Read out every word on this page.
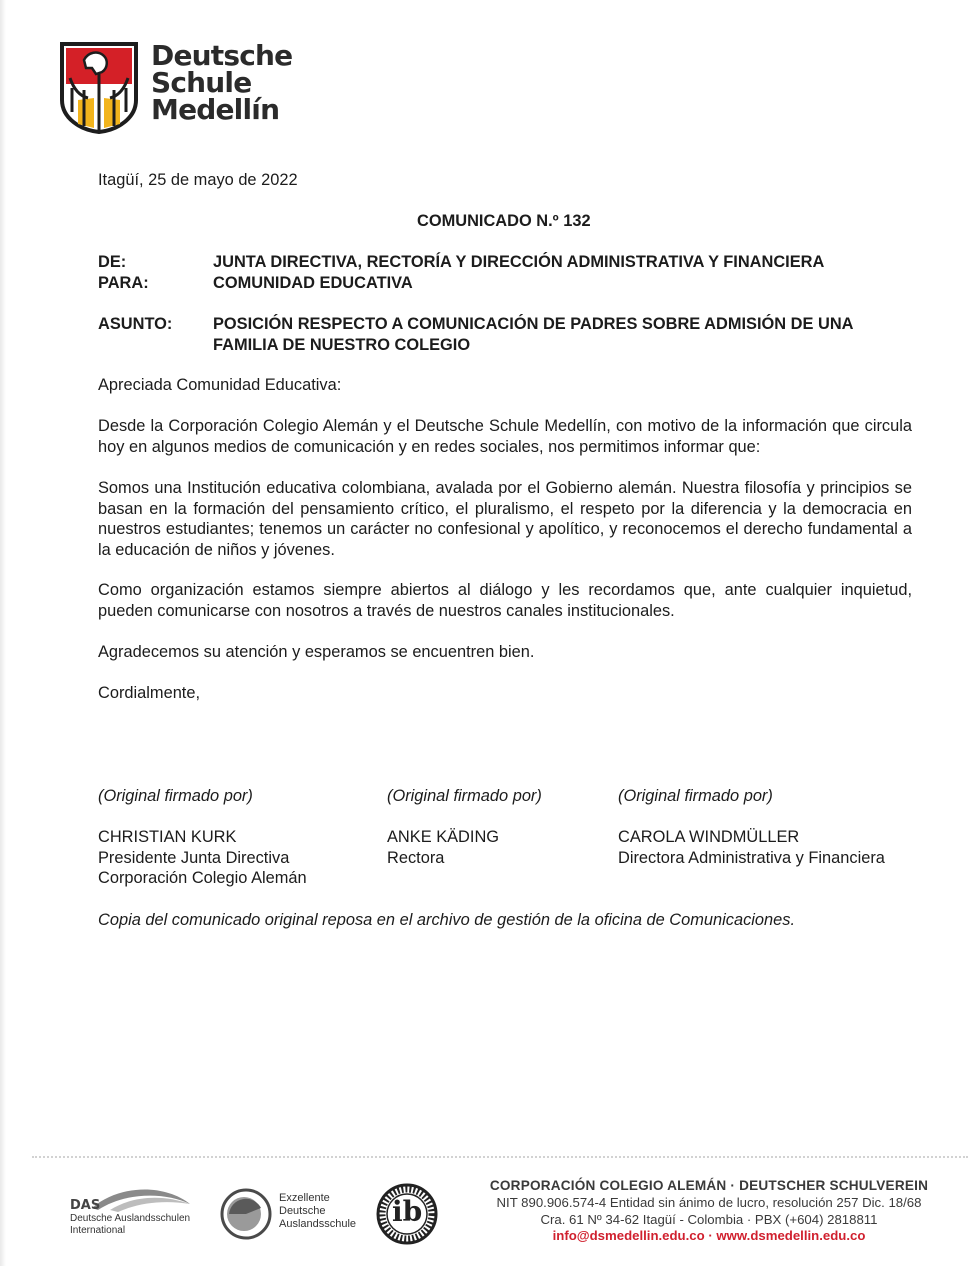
Deutsche
Schule
Medellín
Itagüí, 25 de mayo de 2022
COMUNICADO N.º 132
DE:	JUNTA DIRECTIVA, RECTORÍA Y DIRECCIÓN ADMINISTRATIVA Y FINANCIERA
PARA:	COMUNIDAD EDUCATIVA
ASUNTO: POSICIÓN RESPECTO A COMUNICACIÓN DE PADRES SOBRE ADMISIÓN DE UNA FAMILIA DE NUESTRO COLEGIO
Apreciada Comunidad Educativa:
Desde la Corporación Colegio Alemán y el Deutsche Schule Medellín, con motivo de la información que circula hoy en algunos medios de comunicación y en redes sociales, nos permitimos informar que:
Somos una Institución educativa colombiana, avalada por el Gobierno alemán. Nuestra filosofía y principios se basan en la formación del pensamiento crítico, el pluralismo, el respeto por la diferencia y la democracia en nuestros estudiantes; tenemos un carácter no confesional y apolítico, y reconocemos el derecho fundamental a la educación de niños y jóvenes.
Como organización estamos siempre abiertos al diálogo y les recordamos que, ante cualquier inquietud, pueden comunicarse con nosotros a través de nuestros canales institucionales.
Agradecemos su atención y esperamos se encuentren bien.
Cordialmente,
(Original firmado por)
CHRISTIAN KURK
Presidente Junta Directiva
Corporación Colegio Alemán
(Original firmado por)
ANKE KÄDING
Rectora
(Original firmado por)
CAROLA WINDMÜLLER
Directora Administrativa y Financiera
Copia del comunicado original reposa en el archivo de gestión de la oficina de Comunicaciones.
DAS
Deutsche Auslandsschulen International
Exzellente
Deutsche
Auslandsschule ib
CORPORACIÓN COLEGIO ALEMÁN · DEUTSCHER SCHULVEREIN
NIT 890.906.574-4 Entidad sin ánimo de lucro, resolución 257 Dic. 18/68
Cra. 61 Nº 34-62 Itagüí - Colombia · PBX (+604) 2818811
info@dsmedellin.edu.co · www.dsmedellin.edu.co
